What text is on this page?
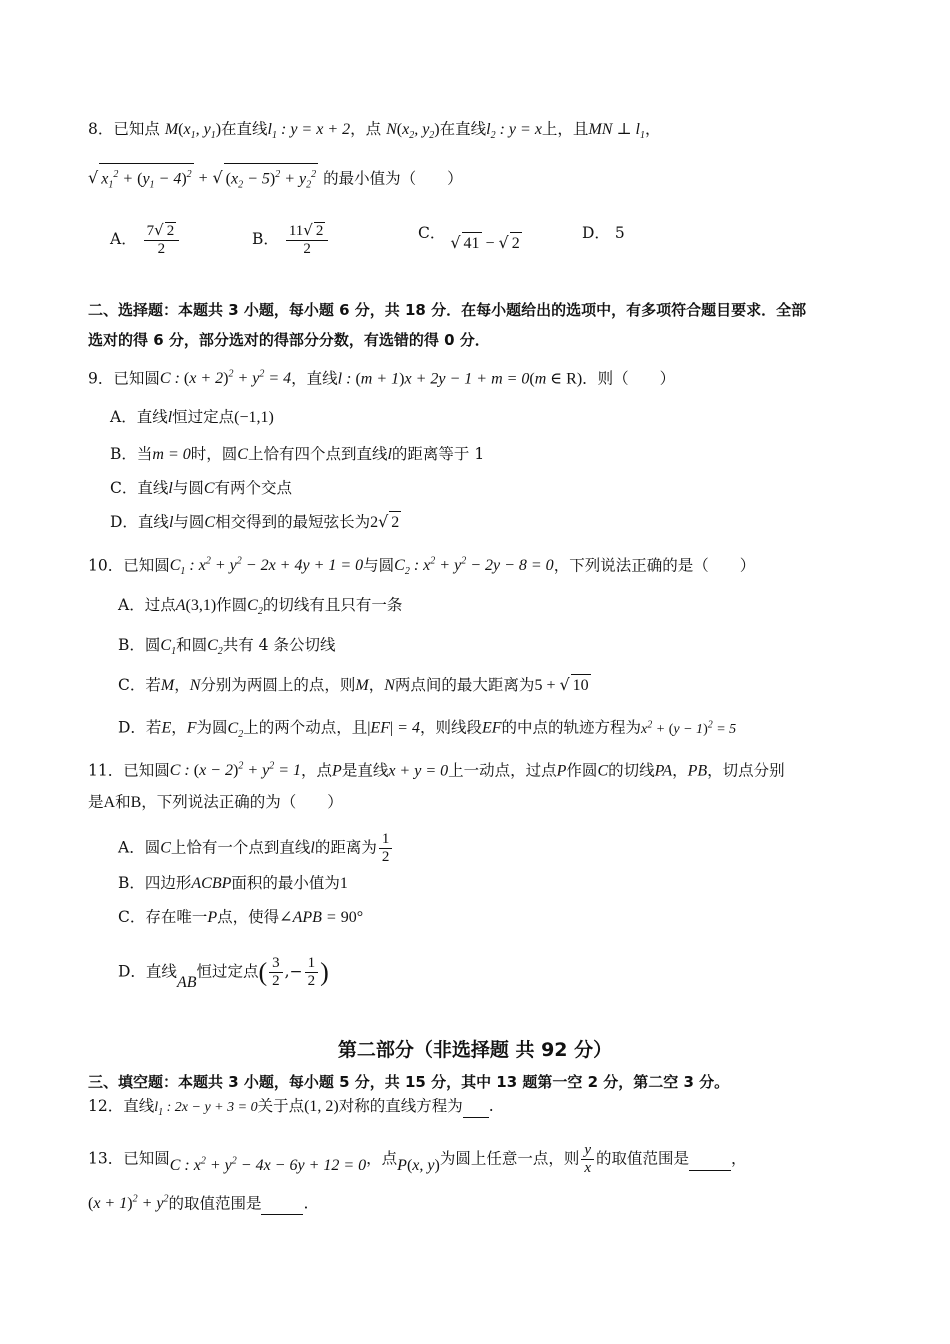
8．已知点 $M(x_1$, $y_1$)在直线$l_1$ : y = x + 2，点 $N(x_2$, $y_2$)在直线$l_2$ : y = x上，且MN ⊥ $l_1$，
√ $x_1^2 + (y_1 - 4)^2$ + √ $(x_2 - 5)^2 + y_2^2$ 的最小值为（　　）
A． $\frac{7√ 2}{2}$	B． $\frac{11√ 2}{2}$	C． √ 41 − √ 2
D． 5
二、选择题：本题共 3 小题，每小题 6 分，共 18 分．在每小题给出的选项中，有多项符合题目要求．全部
选对的得 6 分，部分选对的得部分分数，有选错的得 0 分．
9．已知圆C : $(x + 2)^2 + y^2 = 4$，直线l : (m + 1)x + 2y − 1 + m = 0(m ∈ R)．则（　　）
A．直线l恒过定点(−1,1)
B．当m = 0时，圆C上恰有四个点到直线l的距离等于 1
C．直线l与圆C有两个交点
D．直线l与圆C相交得到的最短弦长为2√ 2
10．已知圆$C_1$ : $x^2 + y^2 - 2x + 4y + 1 = 0$与圆$C_2$ : $x^2 + y^2 - 2y - 8 = 0$，下列说法正确的是（　　）
A．过点A(3,1)作圆$C_2$的切线有且只有一条
B．圆$C_1$和圆$C_2$共有 4 条公切线
C．若M，N分别为两圆上的点，则M，N两点间的最大距离为5 + √ 10
D．若E，F为圆$C_2$上的两个动点，且|EF| = 4，则线段EF的中点的轨迹方程为$x^2 + (y - 1)^2 = 5$
11．已知圆C : $(x - 2)^2 + y^2 = 1$，点P是直线x + y = 0上一动点，过点P作圆C的切线PA，PB，切点分别
是A和B，下列说法正确的为（　　）
A．圆C上恰有一个点到直线l的距离为 $\frac{1}{2}$
B．四边形ACBP面积的最小值为1
C．存在唯一P点，使得∠APB = 90°
D．直线AB恒过定点( $\frac{3}{2}$ ,− $\frac{1}{2}$ )
第二部分（非选择题 共 92 分）
三、填空题：本题共 3 小题，每小题 5 分，共 15 分，其中 13 题第一空 2 分，第二空 3 分。
12．直线$l_1$ : 2x − y + 3 = 0关于点(1, 2)对称的直线方程为 .
13．已知圆C : $x^2 + y^2 - 4x - 6y + 12 = 0$，点P(x, y)为圆上任意一点，则 $\frac{y}{x}$ 的取值范围是	，
$(x + 1)^2 + y^2$的取值范围是	.
